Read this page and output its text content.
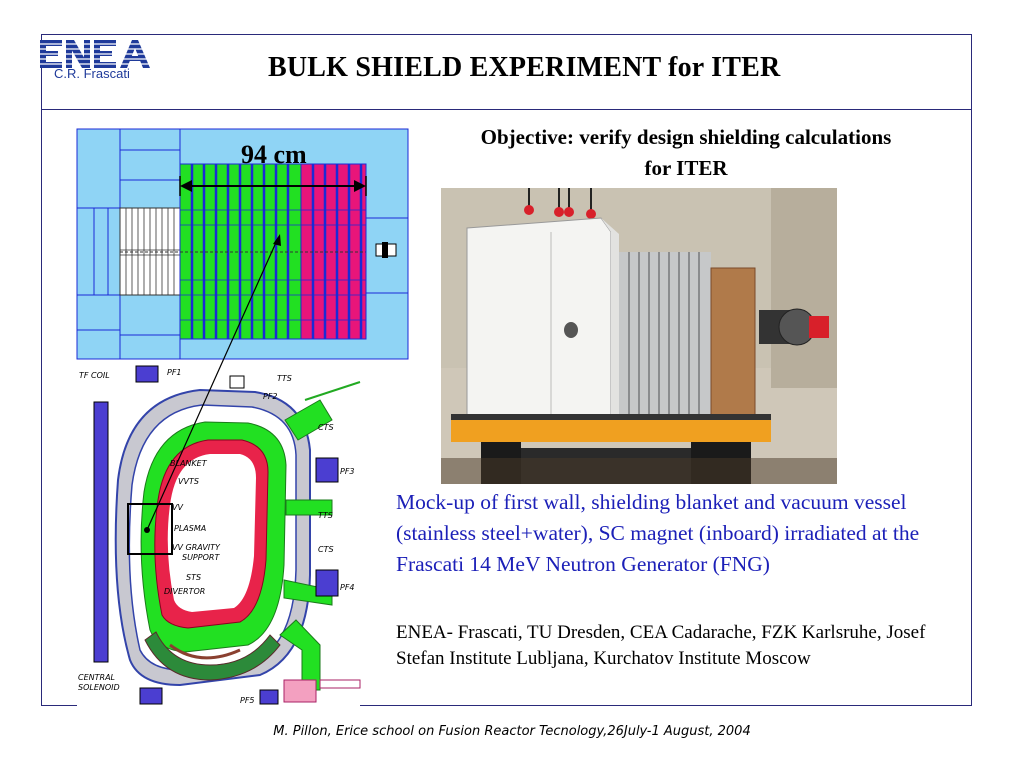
C.R. Frascati	BULK SHIELD EXPERIMENT for ITER
Objective: verify design shielding calculations for ITER
TF COIL	PF1
PF2
TTS
CTS
PF3
TTS
CTS
PF4
PF5
BLANKET
VVTS
VV
PLASMA
VV GRAVITY
SUPPORT
STS
DIVERTOR
CENTRAL
SOLENOID
94 cm
Mock-up of first wall, shielding blanket and vacuum vessel (stainless steel+water), SC magnet (inboard) irradiated at the Frascati 14 MeV Neutron Generator (FNG)
ENEA- Frascati, TU Dresden, CEA Cadarache, FZK Karlsruhe, Josef Stefan Institute Lubljana, Kurchatov Institute Moscow
M. Pillon, Erice school on Fusion Reactor Tecnology,26July-1 August, 2004
